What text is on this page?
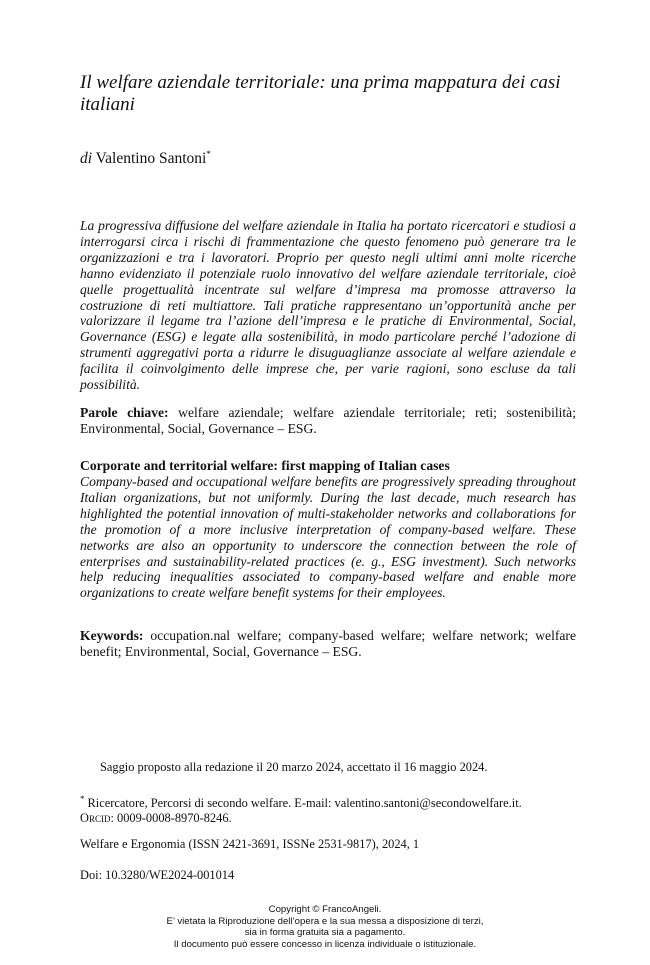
Il welfare aziendale territoriale: una prima mappatura dei casi italiani
di Valentino Santoni*
La progressiva diffusione del welfare aziendale in Italia ha portato ricercatori e studiosi a interrogarsi circa i rischi di frammentazione che questo fenomeno può generare tra le organizzazioni e tra i lavoratori. Proprio per questo negli ultimi anni molte ricerche hanno evidenziato il potenziale ruolo innovativo del welfare aziendale territoriale, cioè quelle progettualità incentrate sul welfare d’impresa ma promosse attraverso la costruzione di reti multiattore. Tali pratiche rappresentano un’opportunità anche per valorizzare il legame tra l’azione dell’impresa e le pratiche di Environmental, Social, Governance (ESG) e legate alla sostenibilità, in modo particolare perché l’adozione di strumenti aggregativi porta a ridurre le disuguaglianze associate al welfare aziendale e facilita il coinvolgimento delle imprese che, per varie ragioni, sono escluse da tali possibilità.
Parole chiave: welfare aziendale; welfare aziendale territoriale; reti; sostenibilità; Environmental, Social, Governance – ESG.
Corporate and territorial welfare: first mapping of Italian cases
Company-based and occupational welfare benefits are progressively spreading throughout Italian organizations, but not uniformly. During the last decade, much research has highlighted the potential innovation of multi-stakeholder networks and collaborations for the promotion of a more inclusive interpretation of company-based welfare. These networks are also an opportunity to underscore the connection between the role of enterprises and sustainability-related practices (e. g., ESG investment). Such networks help reducing inequalities associated to company-based welfare and enable more organizations to create welfare benefit systems for their employees.
Keywords: occupation.nal welfare; company-based welfare; welfare network; welfare benefit; Environmental, Social, Governance – ESG.
Saggio proposto alla redazione il 20 marzo 2024, accettato il 16 maggio 2024.
* Ricercatore, Percorsi di secondo welfare. E-mail: valentino.santoni@secondowelfare.it.
Orcid: 0009-0008-8970-8246.
Welfare e Ergonomia (ISSN 2421-3691, ISSNe 2531-9817), 2024, 1
Doi: 10.3280/WE2024-001014
Copyright © FrancoAngeli.
E’ vietata la Riproduzione dell’opera e la sua messa a disposizione di terzi,
sia in forma gratuita sia a pagamento.
Il documento può essere concesso in licenza individuale o istituzionale.
